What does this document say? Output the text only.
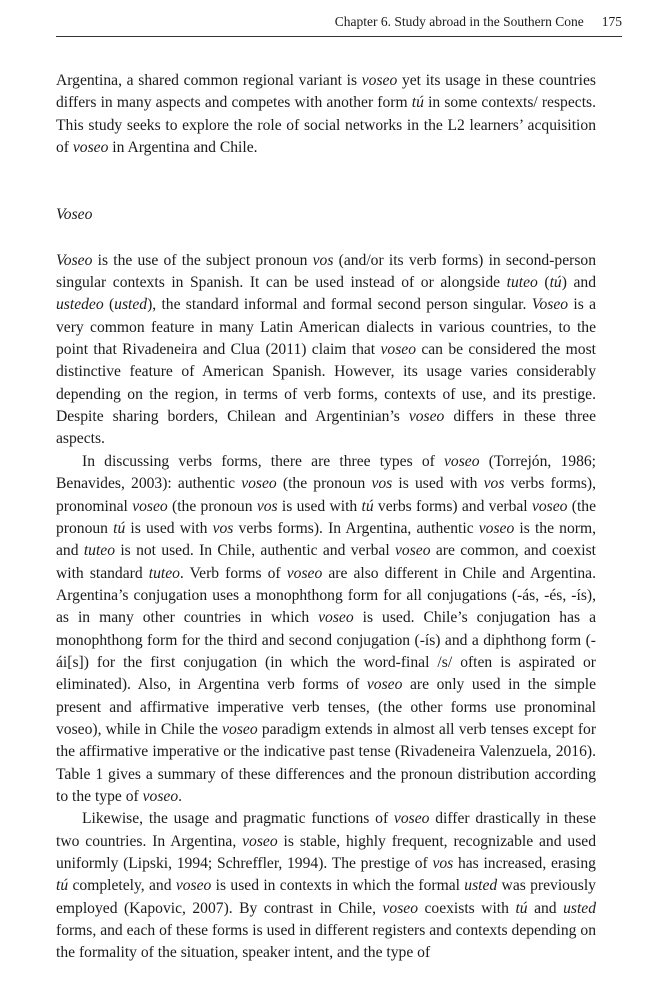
Chapter 6. Study abroad in the Southern Cone 175

Argentina, a shared common regional variant is voseo yet its usage in these countries differs in many aspects and competes with another form tú in some contexts/ respects. This study seeks to explore the role of social networks in the L2 learners’ acquisition of voseo in Argentina and Chile.

Voseo

Voseo is the use of the subject pronoun vos (and/or its verb forms) in second-person singular contexts in Spanish. It can be used instead of or alongside tuteo (tú) and ustedeo (usted), the standard informal and formal second person singular. Voseo is a very common feature in many Latin American dialects in various countries, to the point that Rivadeneira and Clua (2011) claim that voseo can be considered the most distinctive feature of American Spanish. However, its usage varies considerably depending on the region, in terms of verb forms, contexts of use, and its prestige. Despite sharing borders, Chilean and Argentinian’s voseo differs in these three aspects.

In discussing verbs forms, there are three types of voseo (Torrejón, 1986; Benavides, 2003): authentic voseo (the pronoun vos is used with vos verbs forms), pronominal voseo (the pronoun vos is used with tú verbs forms) and verbal voseo (the pronoun tú is used with vos verbs forms). In Argentina, authentic voseo is the norm, and tuteo is not used. In Chile, authentic and verbal voseo are common, and coexist with standard tuteo. Verb forms of voseo are also different in Chile and Argentina. Argentina’s conjugation uses a monophthong form for all conjugations (-ás, -és, -ís), as in many other countries in which voseo is used. Chile’s conjugation has a monophthong form for the third and second conjugation (-ís) and a diphthong form (-ái[s]) for the first conjugation (in which the word-final /s/ often is aspirated or eliminated). Also, in Argentina verb forms of voseo are only used in the simple present and affirmative imperative verb tenses, (the other forms use pronominal voseo), while in Chile the voseo paradigm extends in almost all verb tenses except for the affirmative imperative or the indicative past tense (Rivadeneira Valenzuela, 2016). Table 1 gives a summary of these differences and the pronoun distribution according to the type of voseo.

Likewise, the usage and pragmatic functions of voseo differ drastically in these two countries. In Argentina, voseo is stable, highly frequent, recognizable and used uniformly (Lipski, 1994; Schreffler, 1994). The prestige of vos has increased, erasing tú completely, and voseo is used in contexts in which the formal usted was previously employed (Kapovic, 2007). By contrast in Chile, voseo coexists with tú and usted forms, and each of these forms is used in different registers and contexts depending on the formality of the situation, speaker intent, and the type of
